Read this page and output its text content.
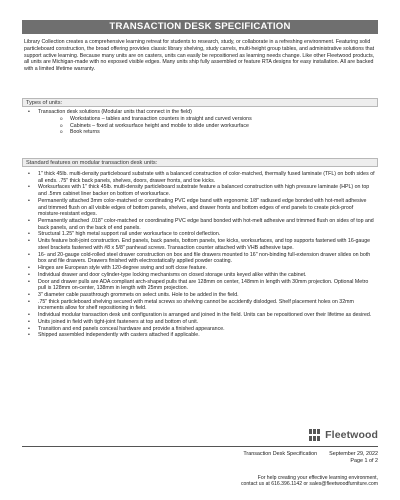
TRANSACTION DESK SPECIFICATION

Library Collection creates a comprehensive learning retreat for students to research, study, or collaborate in a refreshing environment. Featuring solid particleboard construction, the broad offering provides classic library shelving, study carrels, multi-height group tables, and administrative solutions that support active learning. Because many units are on casters, units can easily be repositioned as learning needs change. Like other Fleetwood products, all units are Michigan-made with no exposed visible edges. Many units ship fully assembled or feature RTA designs for easy installation. All are backed with a limited lifetime warranty.

Types of units:
• Transaction desk solutions (Modular units that connect in the field)
o Workstations – tables and transaction counters in straight and curved versions
o Cabinets – fixed at worksurface height and mobile to slide under worksurface
o Book returns
Standard features on modular transaction desk units:
• 1" thick 45lb. multi-density particleboard substrate with a balanced construction of color-matched, thermally fused laminate (TFL) on both sides of all ends. .75" thick back panels, shelves, doors, drawer fronts, and toe kicks.
• Worksurfaces with 1" thick 45lb. multi-density particleboard substrate feature a balanced construction with high pressure laminate (HPL) on top and .5mm cabinet liner backer on bottom of worksurface.
• Permanently attached 3mm color-matched or coordinating PVC edge band with ergonomic 1/8" radiused edge bonded with hot-melt adhesive and trimmed flush on all visible edges of bottom panels, shelves, and drawer fronts and bottom edges of end panels to create pick-proof moisture-resistant edges.
• Permanently attached .018" color-matched or coordinating PVC edge band bonded with hot-melt adhesive and trimmed flush on sides of top and back panels, and on the back of end panels.
• Structural 1.25" high metal support rail under worksurface to control deflection.
• Units feature bolt-joint construction. End panels, back panels, bottom panels, toe kicks, worksurfaces, and top supports fastened with 16-gauge steel brackets fastened with #8 x 5/8" panhead screws. Transaction counter attached with VHB adhesive tape.
• 16- and 20-gauge cold-rolled steel drawer construction on box and file drawers mounted to 16" non-binding full-extension drawer slides on both box and file drawers. Drawers finished with electrostatically applied powder coating.
• Hinges are European style with 120-degree swing and soft close feature.
• Individual drawer and door cylinder-type locking mechanisms on closed storage units keyed alike within the cabinet.
• Door and drawer pulls are ADA compliant arch-shaped pulls that are 128mm on center, 148mm in length with 30mm projection. Optional Metro pull is 128mm on-center, 138mm in length with 25mm projection.
• 3" diameter cable passthrough grommets on select units. Hole to be added in the field.
• .75" thick particleboard shelving secured with metal screws so shelving cannot be accidently dislodged. Shelf placement holes on 32mm increments allow for shelf repositioning in field.
• Individual modular transaction desk unit configuration is arranged and joined in the field. Units can be repositioned over their lifetime as desired.
• Units joined in field with tight-joint fasteners at top and bottom of unit.
• Transition and end panels conceal hardware and provide a finished appearance.
• Shipped assembled independently with casters attached if applicable.
Fleetwood
Transaction Desk Specification September 29, 2022
Page 1 of 2
For help creating your effective learning environment,
contact us at 616.396.1142 or sales@fleetwoodfurniture.com
